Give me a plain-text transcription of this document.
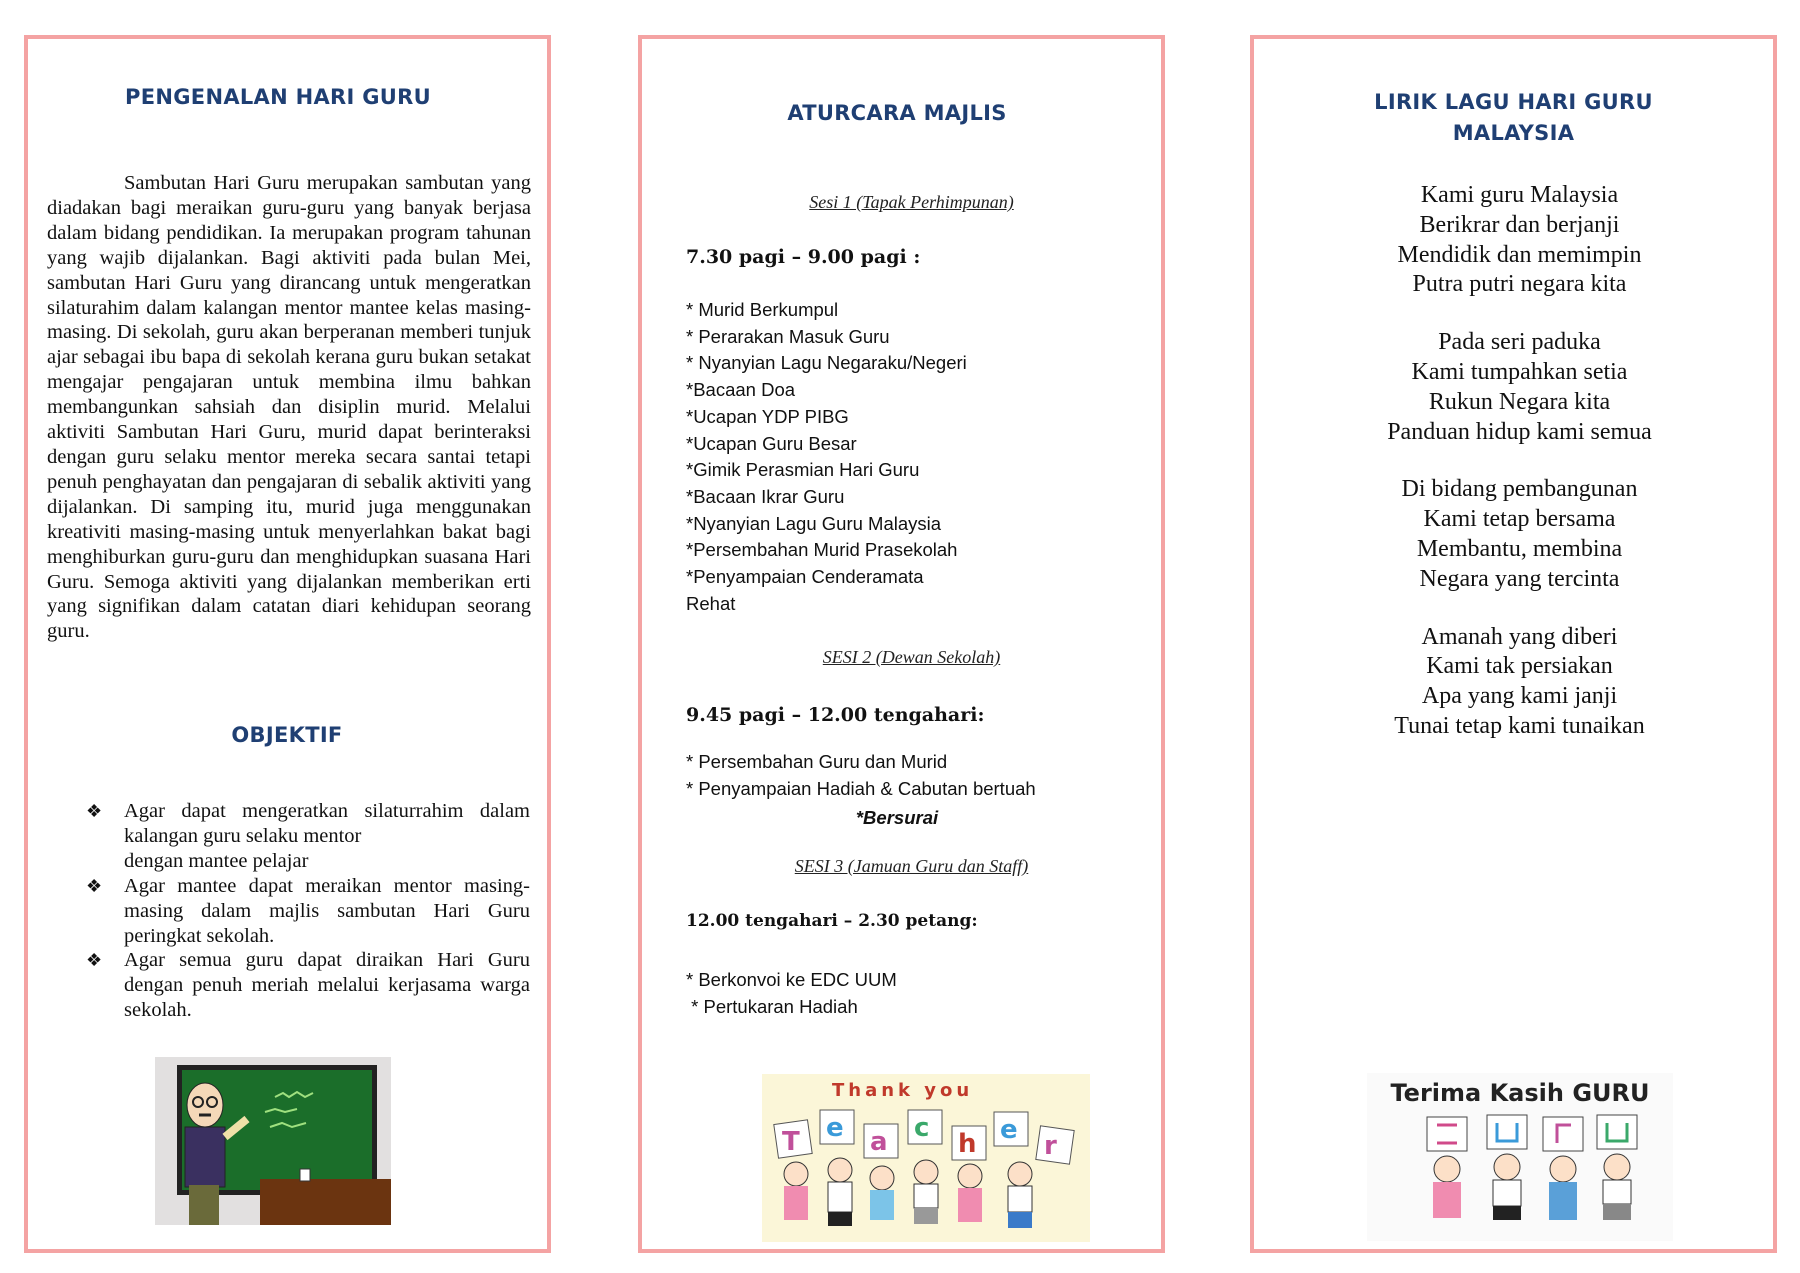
PENGENALAN HARI GURU
Sambutan Hari Guru merupakan sambutan yang diadakan bagi meraikan guru-guru yang banyak berjasa dalam bidang pendidikan. Ia merupakan program tahunan yang wajib dijalankan. Bagi aktiviti pada bulan Mei, sambutan Hari Guru yang dirancang untuk mengeratkan silaturahim dalam kalangan mentor mantee kelas masing-masing. Di sekolah, guru akan berperanan memberi tunjuk ajar sebagai ibu bapa di sekolah kerana guru bukan setakat mengajar pengajaran untuk membina ilmu bahkan membangunkan sahsiah dan disiplin murid. Melalui aktiviti Sambutan Hari Guru, murid dapat berinteraksi dengan guru selaku mentor mereka secara santai tetapi penuh penghayatan dan pengajaran di sebalik aktiviti yang dijalankan. Di samping itu, murid juga menggunakan kreativiti masing-masing untuk menyerlahkan bakat bagi menghiburkan guru-guru dan menghidupkan suasana Hari Guru. Semoga aktiviti yang dijalankan memberikan erti yang signifikan dalam catatan diari kehidupan seorang guru.
OBJEKTIF
❖ Agar dapat mengeratkan silaturrahim dalam kalangan guru selaku mentor
dengan mantee pelajar
❖ Agar mantee dapat meraikan mentor masing-masing dalam majlis sambutan Hari Guru peringkat sekolah.
❖ Agar semua guru dapat diraikan Hari Guru dengan penuh meriah melalui kerjasama warga sekolah.
Thank you
T e a c
h e
r
ATURCARA MAJLIS
Sesi 1 (Tapak Perhimpunan)
7.30 pagi – 9.00 pagi :
* Murid Berkumpul
* Perarakan Masuk Guru
* Nyanyian Lagu Negaraku/Negeri
*Bacaan Doa
*Ucapan YDP PIBG
*Ucapan Guru Besar
*Gimik Perasmian Hari Guru
*Bacaan Ikrar Guru
*Nyanyian Lagu Guru Malaysia
*Persembahan Murid Prasekolah
*Penyampaian Cenderamata
Rehat
SESI 2 (Dewan Sekolah)
9.45 pagi – 12.00 tengahari:
* Persembahan Guru dan Murid
* Penyampaian Hadiah & Cabutan bertuah
*Bersurai
SESI 3 (Jamuan Guru dan Staff)
12.00 tengahari – 2.30 petang:
* Berkonvoi ke EDC UUM
* Pertukaran Hadiah
Terima Kasih GURU
LIRIK LAGU HARI GURU
MALAYSIA
Kami guru Malaysia
Berikrar dan berjanji
Mendidik dan memimpin
Putra putri negara kita
Pada seri paduka
Kami tumpahkan setia
Rukun Negara kita
Panduan hidup kami semua
Di bidang pembangunan
Kami tetap bersama
Membantu, membina
Negara yang tercinta
Amanah yang diberi
Kami tak persiakan
Apa yang kami janji
Tunai tetap kami tunaikan
